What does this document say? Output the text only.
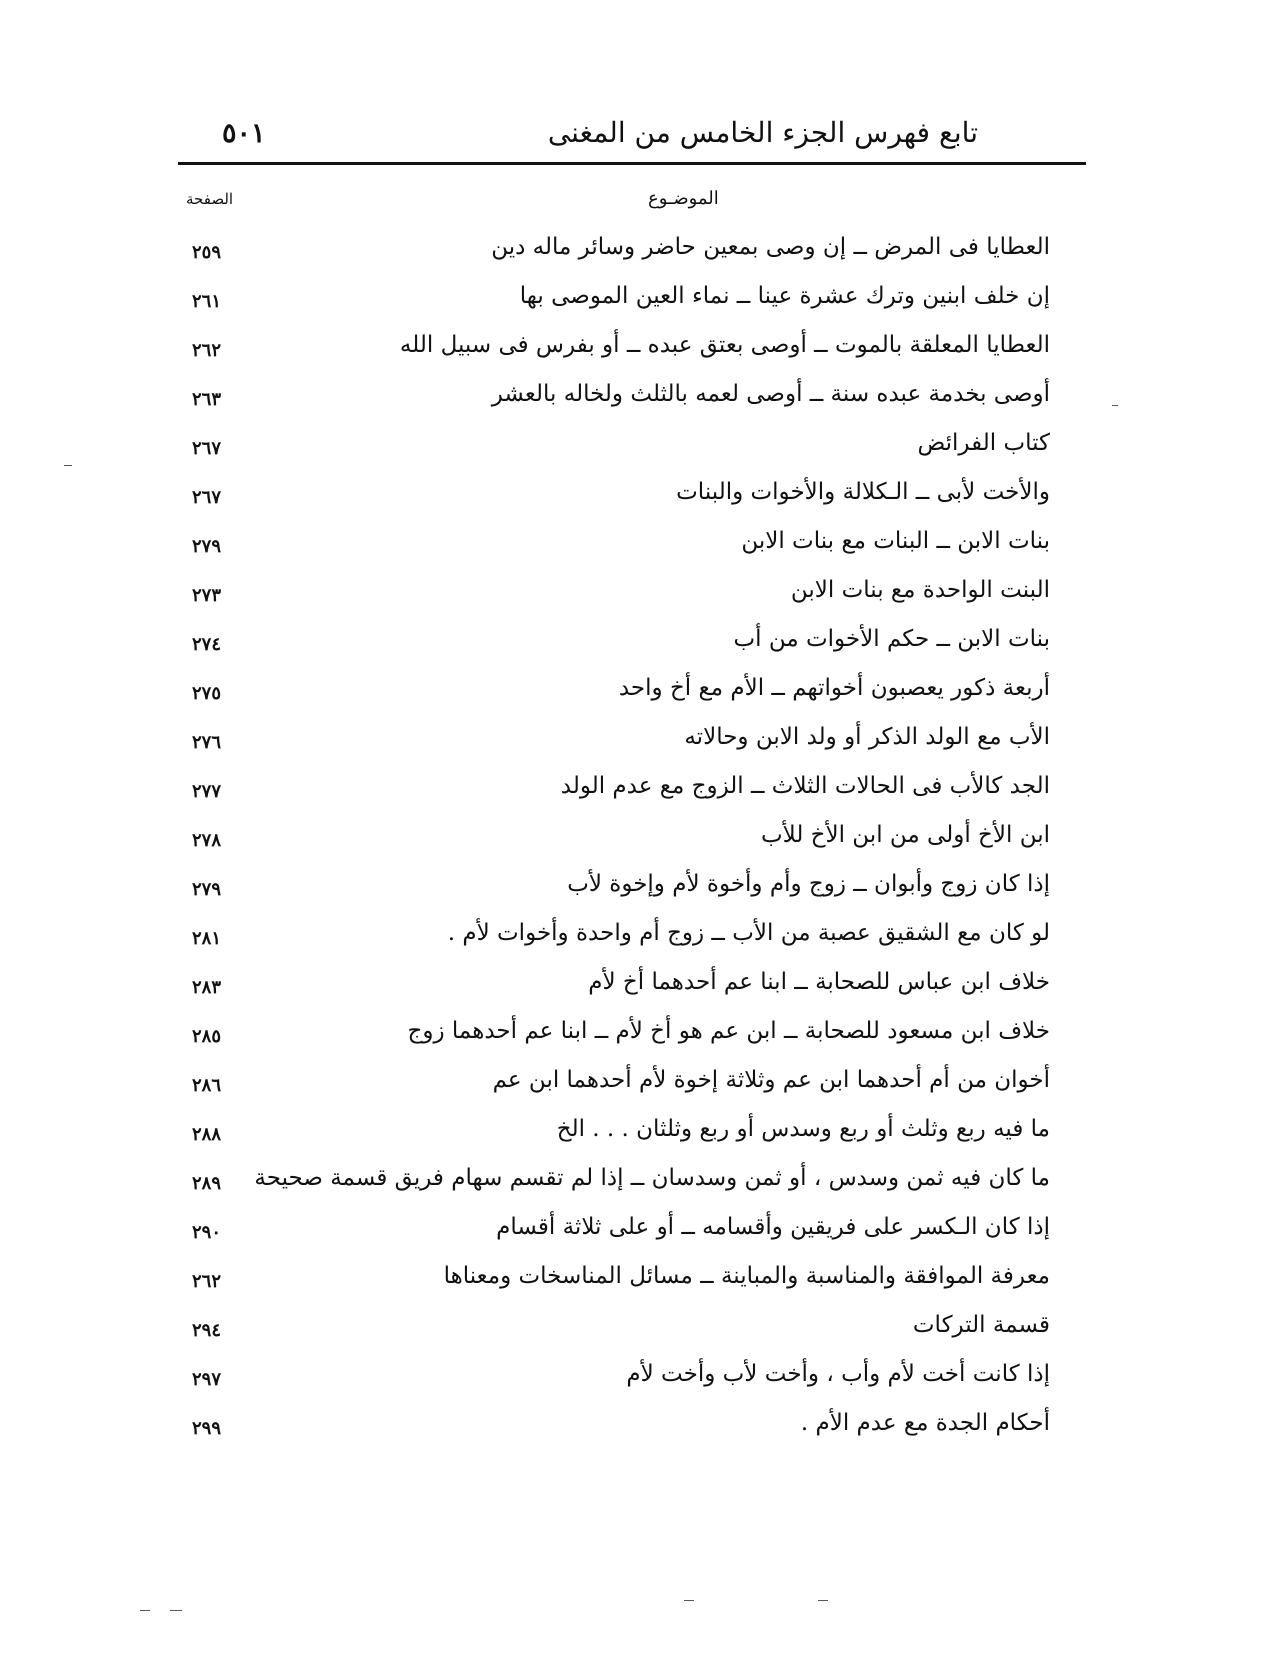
٥٠١	تابع فهرس الجزء الخامس من المغنى
الصفحة	الموضـوع
٢٥٩	العطايا فى المرض ــ إن وصى بمعين حاضر وسائر ماله دين
٢٦١	إن خلف ابنين وترك عشرة عينا ــ نماء العين الموصى بها
٢٦٢	العطايا المعلقة بالموت ــ أوصى بعتق عبده ــ أو بفرس فى سبيل الله
٢٦٣	أوصى بخدمة عبده سنة ــ أوصى لعمه بالثلث ولخاله بالعشر
٢٦٧	كتاب الفرائض
٢٦٧	والأخت لأبى ــ الـكلالة والأخوات والبنات
٢٧٩	بنات الابن ــ البنات مع بنات الابن
٢٧٣	البنت الواحدة مع بنات الابن
٢٧٤	بنات الابن ــ حكم الأخوات من أب
٢٧٥	أربعة ذكور يعصبون أخواتهم ــ الأم مع أخ واحد
٢٧٦	الأب مع الولد الذكر أو ولد الابن وحالاته
٢٧٧	الجد كالأب فى الحالات الثلاث ــ الزوج مع عدم الولد
٢٧٨	ابن الأخ أولى من ابن الأخ للأب
٢٧٩	إذا كان زوج وأبوان ــ زوج وأم وأخوة لأم وإخوة لأب
٢٨١	لو كان مع الشقيق عصبة من الأب ــ زوج أم واحدة وأخوات لأم .
٢٨٣	خلاف ابن عباس للصحابة ــ ابنا عم أحدهما أخ لأم
٢٨٥	خلاف ابن مسعود للصحابة ــ ابن عم هو أخ لأم ــ ابنا عم أحدهما زوج
٢٨٦	أخوان من أم أحدهما ابن عم وثلاثة إخوة لأم أحدهما ابن عم
٢٨٨	ما فيه ربع وثلث أو ربع وسدس أو ربع وثلثان . . . الخ
٢٨٩ ما كان فيه ثمن وسدس ، أو ثمن وسدسان ــ إذا لم تقسم سهام فريق قسمة صحيحة
٢٩٠	إذا كان الـكسر على فريقين وأقسامه ــ أو على ثلاثة أقسام
٢٦٢	معرفة الموافقة والمناسبة والمباينة ــ مسائل المناسخات ومعناها
٢٩٤	قسمة التركات
٢٩٧	إذا كانت أخت لأم وأب ، وأخت لأب وأخت لأم
٢٩٩	أحكام الجدة مع عدم الأم .
